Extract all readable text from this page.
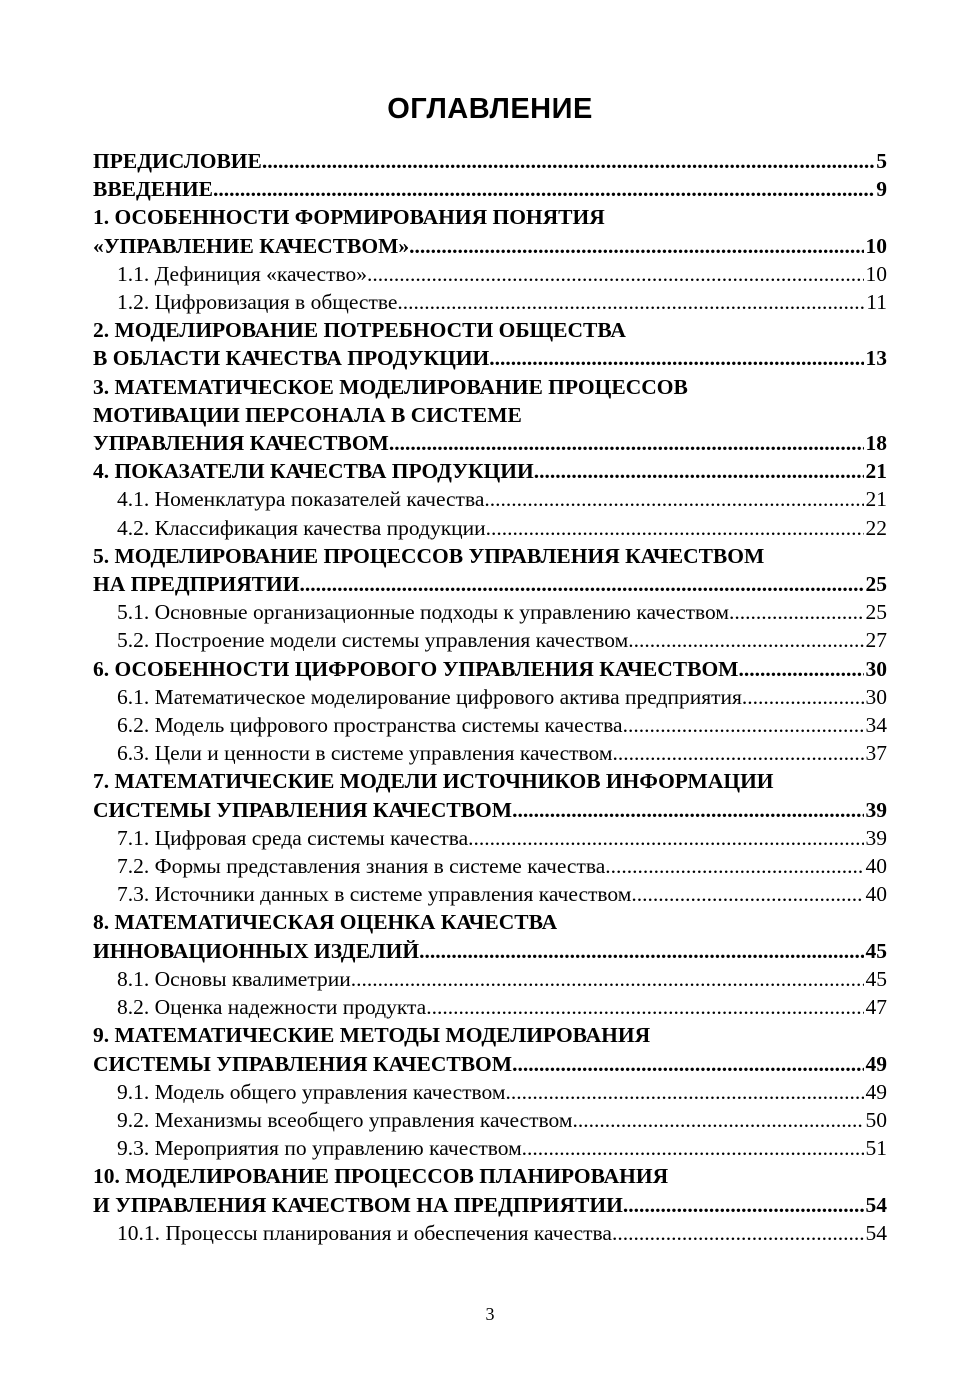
ОГЛАВЛЕНИЕ
ПРЕДИСЛОВИЕ .....	5
ВВЕДЕНИЕ .....	9
1. ОСОБЕННОСТИ ФОРМИРОВАНИЯ ПОНЯТИЯ
«УПРАВЛЕНИЕ КАЧЕСТВОМ» .....	10
1.1. Дефиниция «качество» .....	10
1.2. Цифровизация в обществе .....	11
2. МОДЕЛИРОВАНИЕ ПОТРЕБНОСТИ ОБЩЕСТВА
В ОБЛАСТИ КАЧЕСТВА ПРОДУКЦИИ .....	13
3. МАТЕМАТИЧЕСКОЕ МОДЕЛИРОВАНИЕ ПРОЦЕССОВ
МОТИВАЦИИ ПЕРСОНАЛА В СИСТЕМЕ
УПРАВЛЕНИЯ КАЧЕСТВОМ .....	18
4. ПОКАЗАТЕЛИ КАЧЕСТВА ПРОДУКЦИИ .....	21
4.1. Номенклатура показателей качества .....	21
4.2. Классификация качества продукции .....	22
5. МОДЕЛИРОВАНИЕ ПРОЦЕССОВ УПРАВЛЕНИЯ КАЧЕСТВОМ
НА ПРЕДПРИЯТИИ .....	25
5.1. Основные организационные подходы к управлению качеством .....	25
5.2. Построение модели системы управления качеством .....	27
6. ОСОБЕННОСТИ ЦИФРОВОГО УПРАВЛЕНИЯ КАЧЕСТВОМ .....	30
6.1. Математическое моделирование цифрового актива предприятия .....	30
6.2. Модель цифрового пространства системы качества .....	34
6.3. Цели и ценности в системе управления качеством .....	37
7. МАТЕМАТИЧЕСКИЕ МОДЕЛИ ИСТОЧНИКОВ ИНФОРМАЦИИ
СИСТЕМЫ УПРАВЛЕНИЯ КАЧЕСТВОМ .....	39
7.1. Цифровая среда системы качества .....	39
7.2. Формы представления знания в системе качества .....	40
7.3. Источники данных в системе управления качеством .....	40
8. МАТЕМАТИЧЕСКАЯ ОЦЕНКА КАЧЕСТВА
ИННОВАЦИОННЫХ ИЗДЕЛИЙ .....	45
8.1. Основы квалиметрии .....	45
8.2. Оценка надежности продукта .....	47
9. МАТЕМАТИЧЕСКИЕ МЕТОДЫ МОДЕЛИРОВАНИЯ
СИСТЕМЫ УПРАВЛЕНИЯ КАЧЕСТВОМ .....	49
9.1. Модель общего управления качеством .....	49
9.2. Механизмы всеобщего управления качеством .....	50
9.3. Мероприятия по управлению качеством .....	51
10. МОДЕЛИРОВАНИЕ ПРОЦЕССОВ ПЛАНИРОВАНИЯ
И УПРАВЛЕНИЯ КАЧЕСТВОМ НА ПРЕДПРИЯТИИ .....	54
10.1. Процессы планирования и обеспечения качества .....	54
3
